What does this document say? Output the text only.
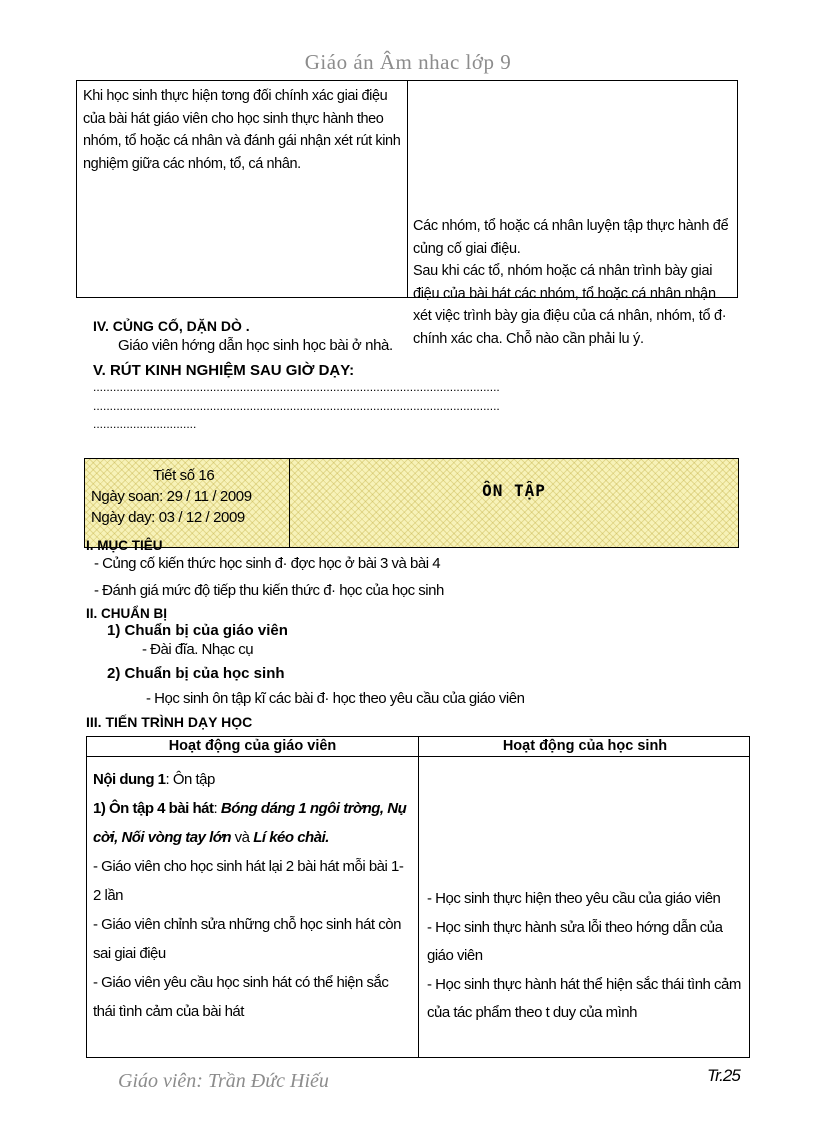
Giáo án Âm nhac lớp 9
Khi học sinh thực hiện tơng đối chính xác giai điệu của bài hát giáo viên cho học sinh thực hành theo nhóm, tổ hoặc cá nhân và đánh gái nhận xét rút kinh nghiệm giữa các nhóm, tổ, cá nhân.
Các nhóm, tổ hoặc cá nhân luyện tập thực hành để củng cố giai điệu.
Sau khi các tổ, nhóm hoặc cá nhân trình bày giai điệu của bài hát các nhóm, tổ hoặc cá nhân nhận xét việc trình bày gia điệu của cá nhân, nhóm, tổ đ· chính xác cha. Chỗ nào cần phải lu ý.
IV. CỦNG CỐ, DẶN DÒ .
Giáo viên hớng dẫn học sinh học bài ở nhà.
V. RÚT KINH NGHIỆM SAU GIỜ DẠY:
..........................................................................................................................
..........................................................................................................................
...............................
Tiết số 16
Ngày soan: 29 / 11 / 2009
Ngày day: 03 / 12 / 2009
ÔN TẬP
I. MỤC TIÊU
- Củng cố kiến thức học sinh đ· đợc học ở bài 3 và bài 4
- Đánh giá mức độ tiếp thu kiến thức đ· học của học sinh
II. CHUẨN BỊ
1) Chuẩn bị của giáo viên
- Đài đĩa. Nhạc cụ
2) Chuẩn bị của học sinh
- Học sinh ôn tập kĩ các bài đ· học theo yêu cầu của giáo viên
III. TIẾN TRÌNH DẠY HỌC
Hoạt động của giáo viên	Hoạt động của học sinh
Nội dung 1: Ôn tập
1) Ôn tập 4 bài hát: Bóng dáng 1 ngôi trờng, Nụ cời, Nối vòng tay lớn và Lí kéo chài.
- Giáo viên cho học sinh hát lại 2 bài hát mỗi bài 1-2 lần
- Giáo viên chỉnh sửa những chỗ học sinh hát còn sai giai điệu
- Giáo viên yêu cầu học sinh hát có thể hiện sắc thái tình cảm của bài hát
- Học sinh thực hiện theo yêu cầu của giáo viên
- Học sinh thực hành sửa lỗi theo hớng dẫn của giáo viên
- Học sinh thực hành hát thể hiện sắc thái tình cảm của tác phẩm theo t duy của mình
Giáo viên: Trần Đức Hiếu	Tr.25
